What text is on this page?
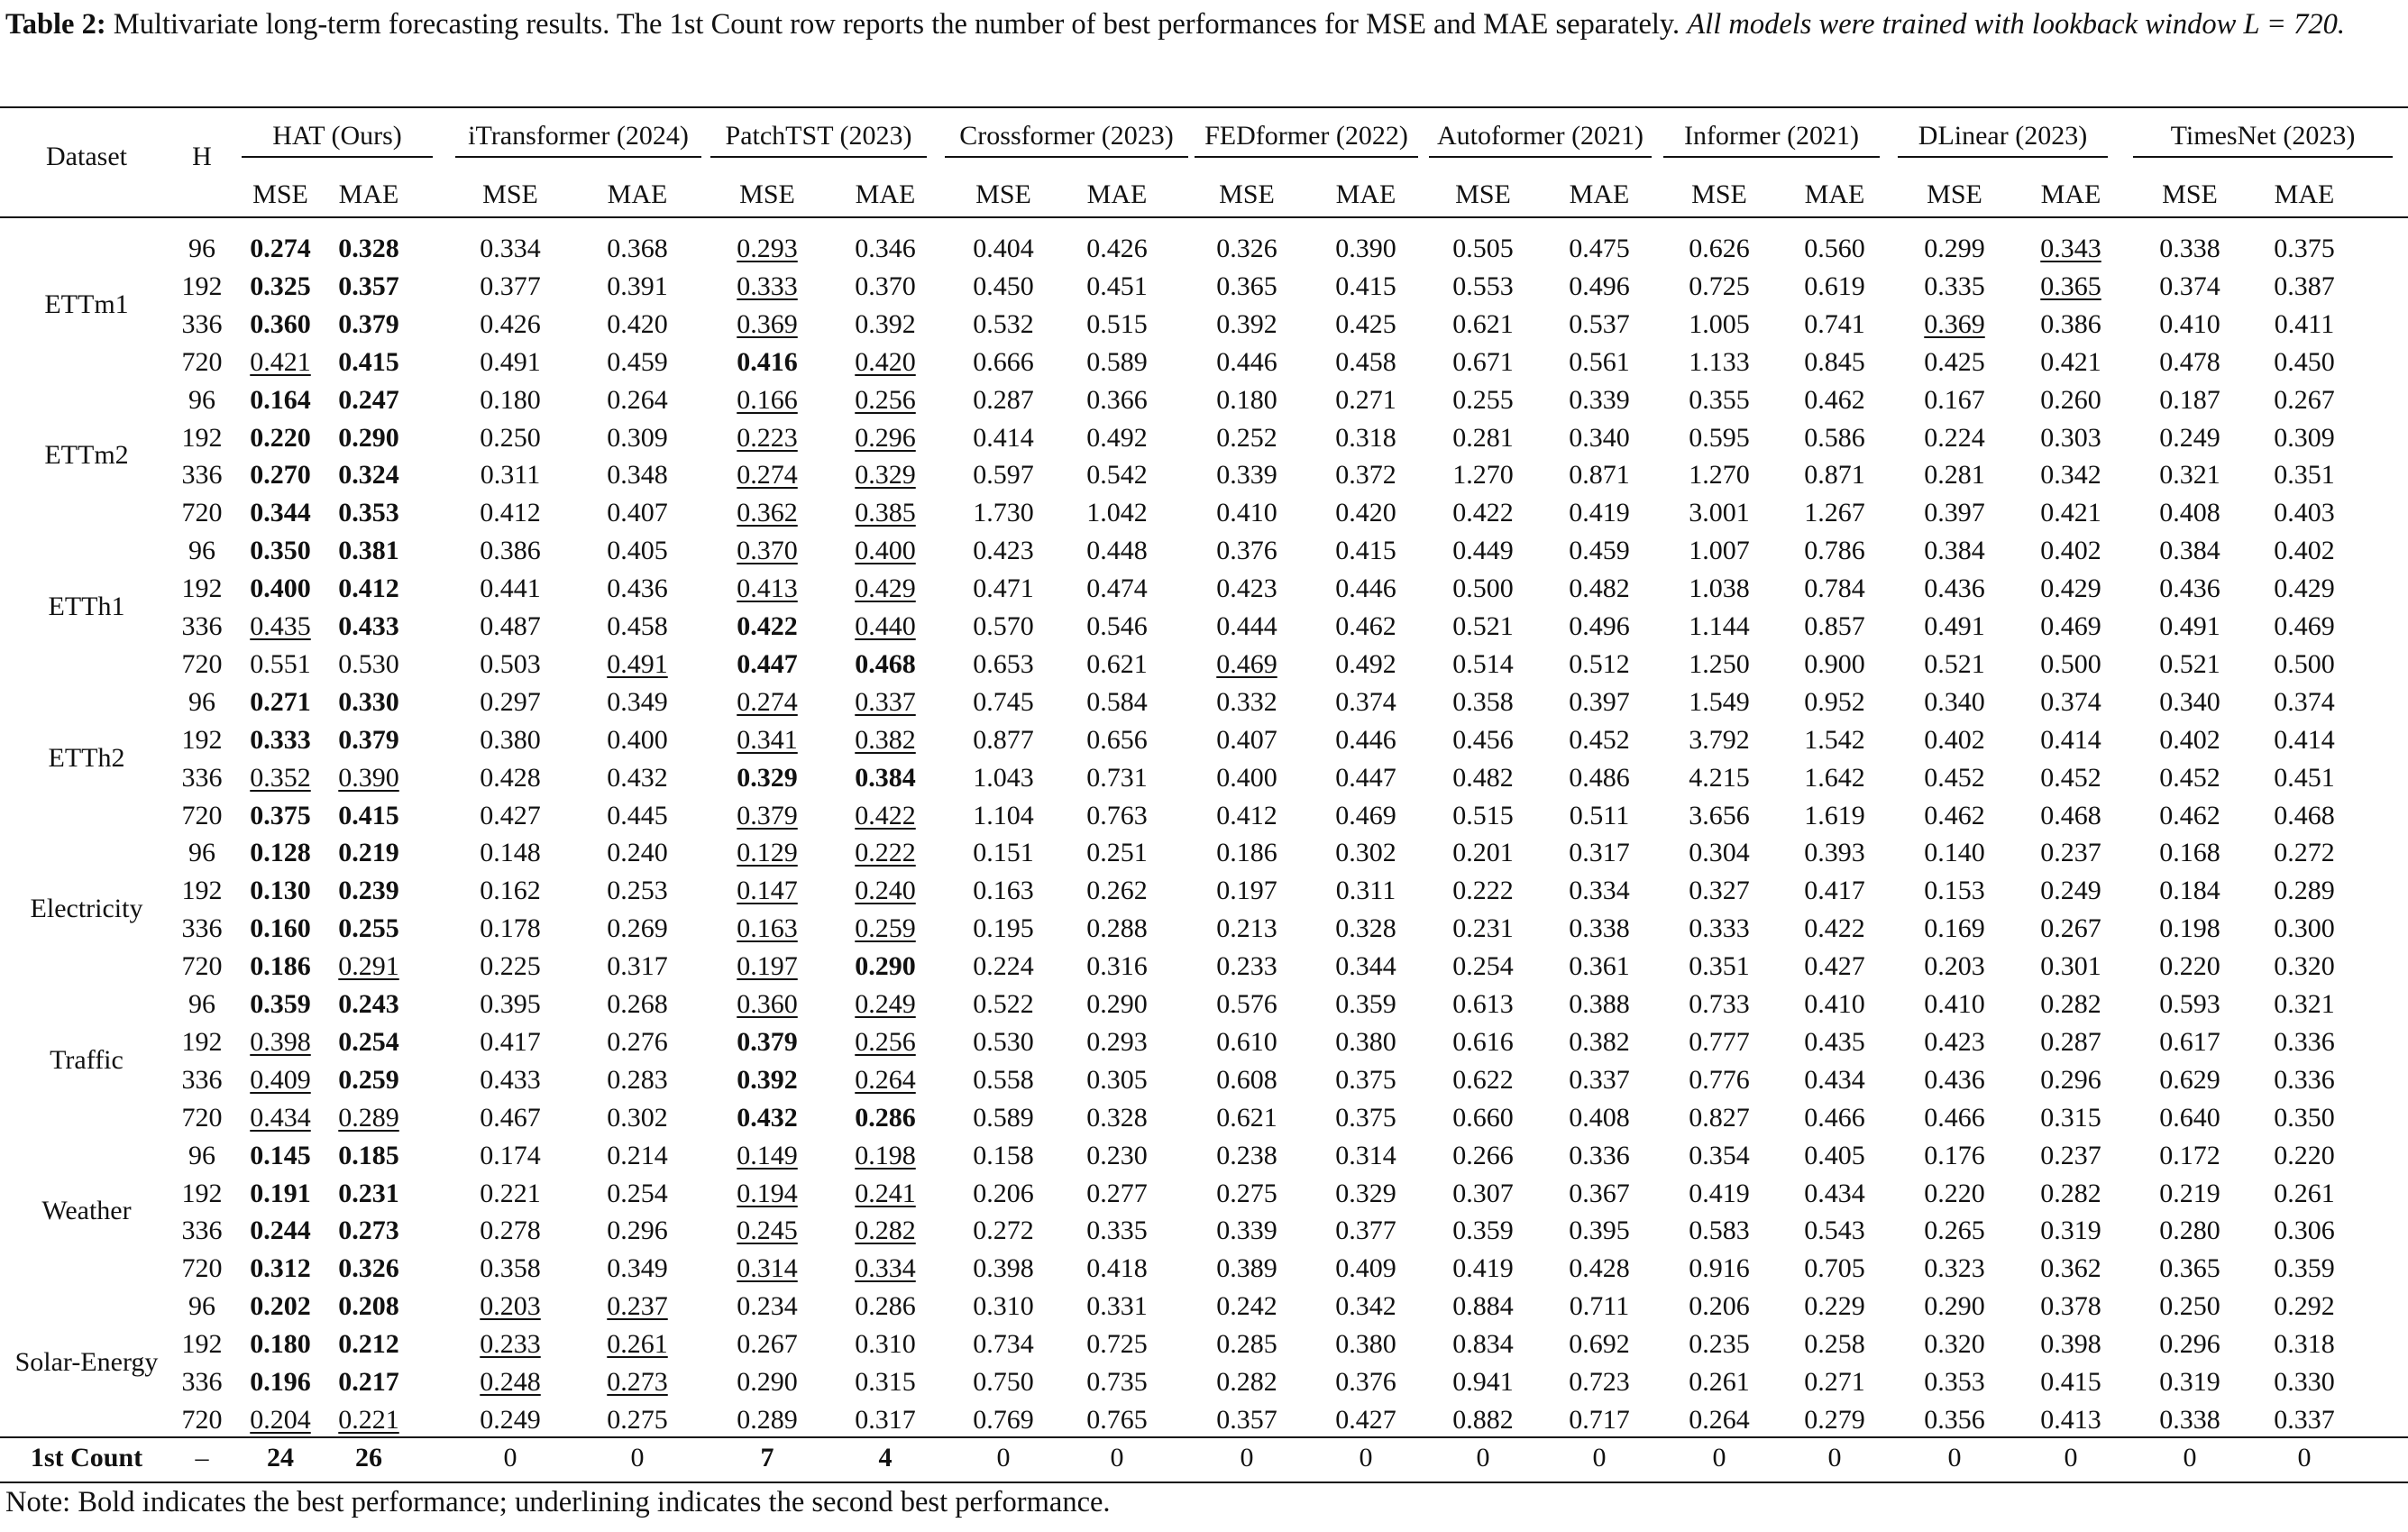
Table 2: Multivariate long-term forecasting results. The 1st Count row reports the number of best performances for MSE and MAE separately. All models were trained with lookback window L = 720.
Dataset H
HAT (Ours)
MSE MAE
iTransformer (2024)
MSE	MAE
PatchTST (2023)
MSE MAE
Crossformer (2023)
MSE MAE
FEDformer (2022)
MSE MAE
Autoformer (2021)
MSE MAE
Informer (2021)
MSE MAE
DLinear (2023)
MSE MAE
TimesNet (2023)
MSE MAE
ETTm1
96 0.274 0.328	0.334 0.368	0.293 0.346 0.404 0.426	0.326 0.390 0.505 0.475 0.626 0.560 0.299 0.343 0.338 0.375
192 0.325 0.357	0.377 0.391	0.333 0.370 0.450 0.451	0.365 0.415 0.553 0.496 0.725 0.619 0.335 0.365 0.374 0.387
336 0.360 0.379	0.426 0.420	0.369 0.392 0.532 0.515	0.392 0.425 0.621 0.537 1.005 0.741 0.369 0.386 0.410 0.411
720 0.421 0.415	0.491 0.459	0.416 0.420 0.666 0.589	0.446 0.458 0.671 0.561 1.133 0.845 0.425 0.421 0.478 0.450
ETTm2
96 0.164 0.247	0.180 0.264	0.166 0.256 0.287 0.366	0.180 0.271 0.255 0.339 0.355 0.462 0.167 0.260 0.187 0.267
192 0.220 0.290	0.250 0.309	0.223 0.296 0.414 0.492	0.252 0.318 0.281 0.340 0.595 0.586 0.224 0.303 0.249 0.309
336 0.270 0.324	0.311 0.348	0.274 0.329 0.597 0.542	0.339 0.372 1.270 0.871 1.270 0.871 0.281 0.342 0.321 0.351
720 0.344 0.353	0.412 0.407	0.362 0.385 1.730 1.042	0.410 0.420 0.422 0.419 3.001 1.267 0.397 0.421 0.408 0.403
ETTh1
96 0.350 0.381	0.386 0.405	0.370 0.400 0.423 0.448	0.376 0.415 0.449 0.459 1.007 0.786 0.384 0.402 0.384 0.402
192 0.400 0.412	0.441 0.436	0.413 0.429 0.471 0.474	0.423 0.446 0.500 0.482 1.038 0.784 0.436 0.429 0.436 0.429
336 0.435 0.433	0.487 0.458	0.422 0.440 0.570 0.546	0.444 0.462 0.521 0.496 1.144 0.857 0.491 0.469 0.491 0.469
720 0.551 0.530	0.503 0.491	0.447 0.468 0.653 0.621	0.469 0.492 0.514 0.512 1.250 0.900 0.521 0.500 0.521 0.500
ETTh2
96 0.271 0.330	0.297 0.349	0.274 0.337 0.745 0.584	0.332 0.374 0.358 0.397 1.549 0.952 0.340 0.374 0.340 0.374
192 0.333 0.379	0.380 0.400	0.341 0.382 0.877 0.656	0.407 0.446 0.456 0.452 3.792 1.542 0.402 0.414 0.402 0.414
336 0.352 0.390	0.428 0.432	0.329 0.384 1.043 0.731	0.400 0.447 0.482 0.486 4.215 1.642 0.452 0.452 0.452 0.451
720 0.375 0.415	0.427 0.445	0.379 0.422 1.104 0.763	0.412 0.469 0.515 0.511 3.656 1.619 0.462 0.468 0.462 0.468
Electricity
96 0.128 0.219	0.148 0.240	0.129 0.222 0.151 0.251	0.186 0.302 0.201 0.317 0.304 0.393 0.140 0.237 0.168 0.272
192 0.130 0.239	0.162 0.253	0.147 0.240 0.163 0.262	0.197 0.311 0.222 0.334 0.327 0.417 0.153 0.249 0.184 0.289
336 0.160 0.255	0.178 0.269	0.163 0.259 0.195 0.288	0.213 0.328 0.231 0.338 0.333 0.422 0.169 0.267 0.198 0.300
720 0.186 0.291	0.225 0.317	0.197 0.290 0.224 0.316	0.233 0.344 0.254 0.361 0.351 0.427 0.203 0.301 0.220 0.320
Traffic
96 0.359 0.243	0.395 0.268	0.360 0.249 0.522 0.290	0.576 0.359 0.613 0.388 0.733 0.410 0.410 0.282 0.593 0.321
192 0.398 0.254	0.417 0.276	0.379 0.256 0.530 0.293	0.610 0.380 0.616 0.382 0.777 0.435 0.423 0.287 0.617 0.336
336 0.409 0.259	0.433 0.283	0.392 0.264 0.558 0.305	0.608 0.375 0.622 0.337 0.776 0.434 0.436 0.296 0.629 0.336
720 0.434 0.289	0.467 0.302	0.432 0.286 0.589 0.328	0.621 0.375 0.660 0.408 0.827 0.466 0.466 0.315 0.640 0.350
Weather
96 0.145 0.185	0.174 0.214	0.149 0.198 0.158 0.230	0.238 0.314 0.266 0.336 0.354 0.405 0.176 0.237 0.172 0.220
192 0.191 0.231	0.221 0.254	0.194 0.241 0.206 0.277	0.275 0.329 0.307 0.367 0.419 0.434 0.220 0.282 0.219 0.261
336 0.244 0.273	0.278 0.296	0.245 0.282 0.272 0.335	0.339 0.377 0.359 0.395 0.583 0.543 0.265 0.319 0.280 0.306
720 0.312 0.326	0.358 0.349	0.314 0.334 0.398 0.418	0.389 0.409 0.419 0.428 0.916 0.705 0.323 0.362 0.365 0.359
Solar-Energy
96 0.202 0.208	0.203 0.237	0.234 0.286 0.310 0.331	0.242 0.342 0.884 0.711 0.206 0.229 0.290 0.378 0.250 0.292
192 0.180 0.212	0.233 0.261	0.267 0.310 0.734 0.725	0.285 0.380 0.834 0.692 0.235 0.258 0.320 0.398 0.296 0.318
336 0.196 0.217	0.248 0.273	0.290 0.315 0.750 0.735	0.282 0.376 0.941 0.723 0.261 0.271 0.353 0.415 0.319 0.330
720 0.204 0.221	0.249 0.275	0.289 0.317 0.769 0.765	0.357 0.427 0.882 0.717 0.264 0.279 0.356 0.413 0.338 0.337
1st Count – 24 26	0	0	7	4	0	0	0	0	0	0	0	0	0	0	0	0
Note: Bold indicates the best performance; underlining indicates the second best performance.
